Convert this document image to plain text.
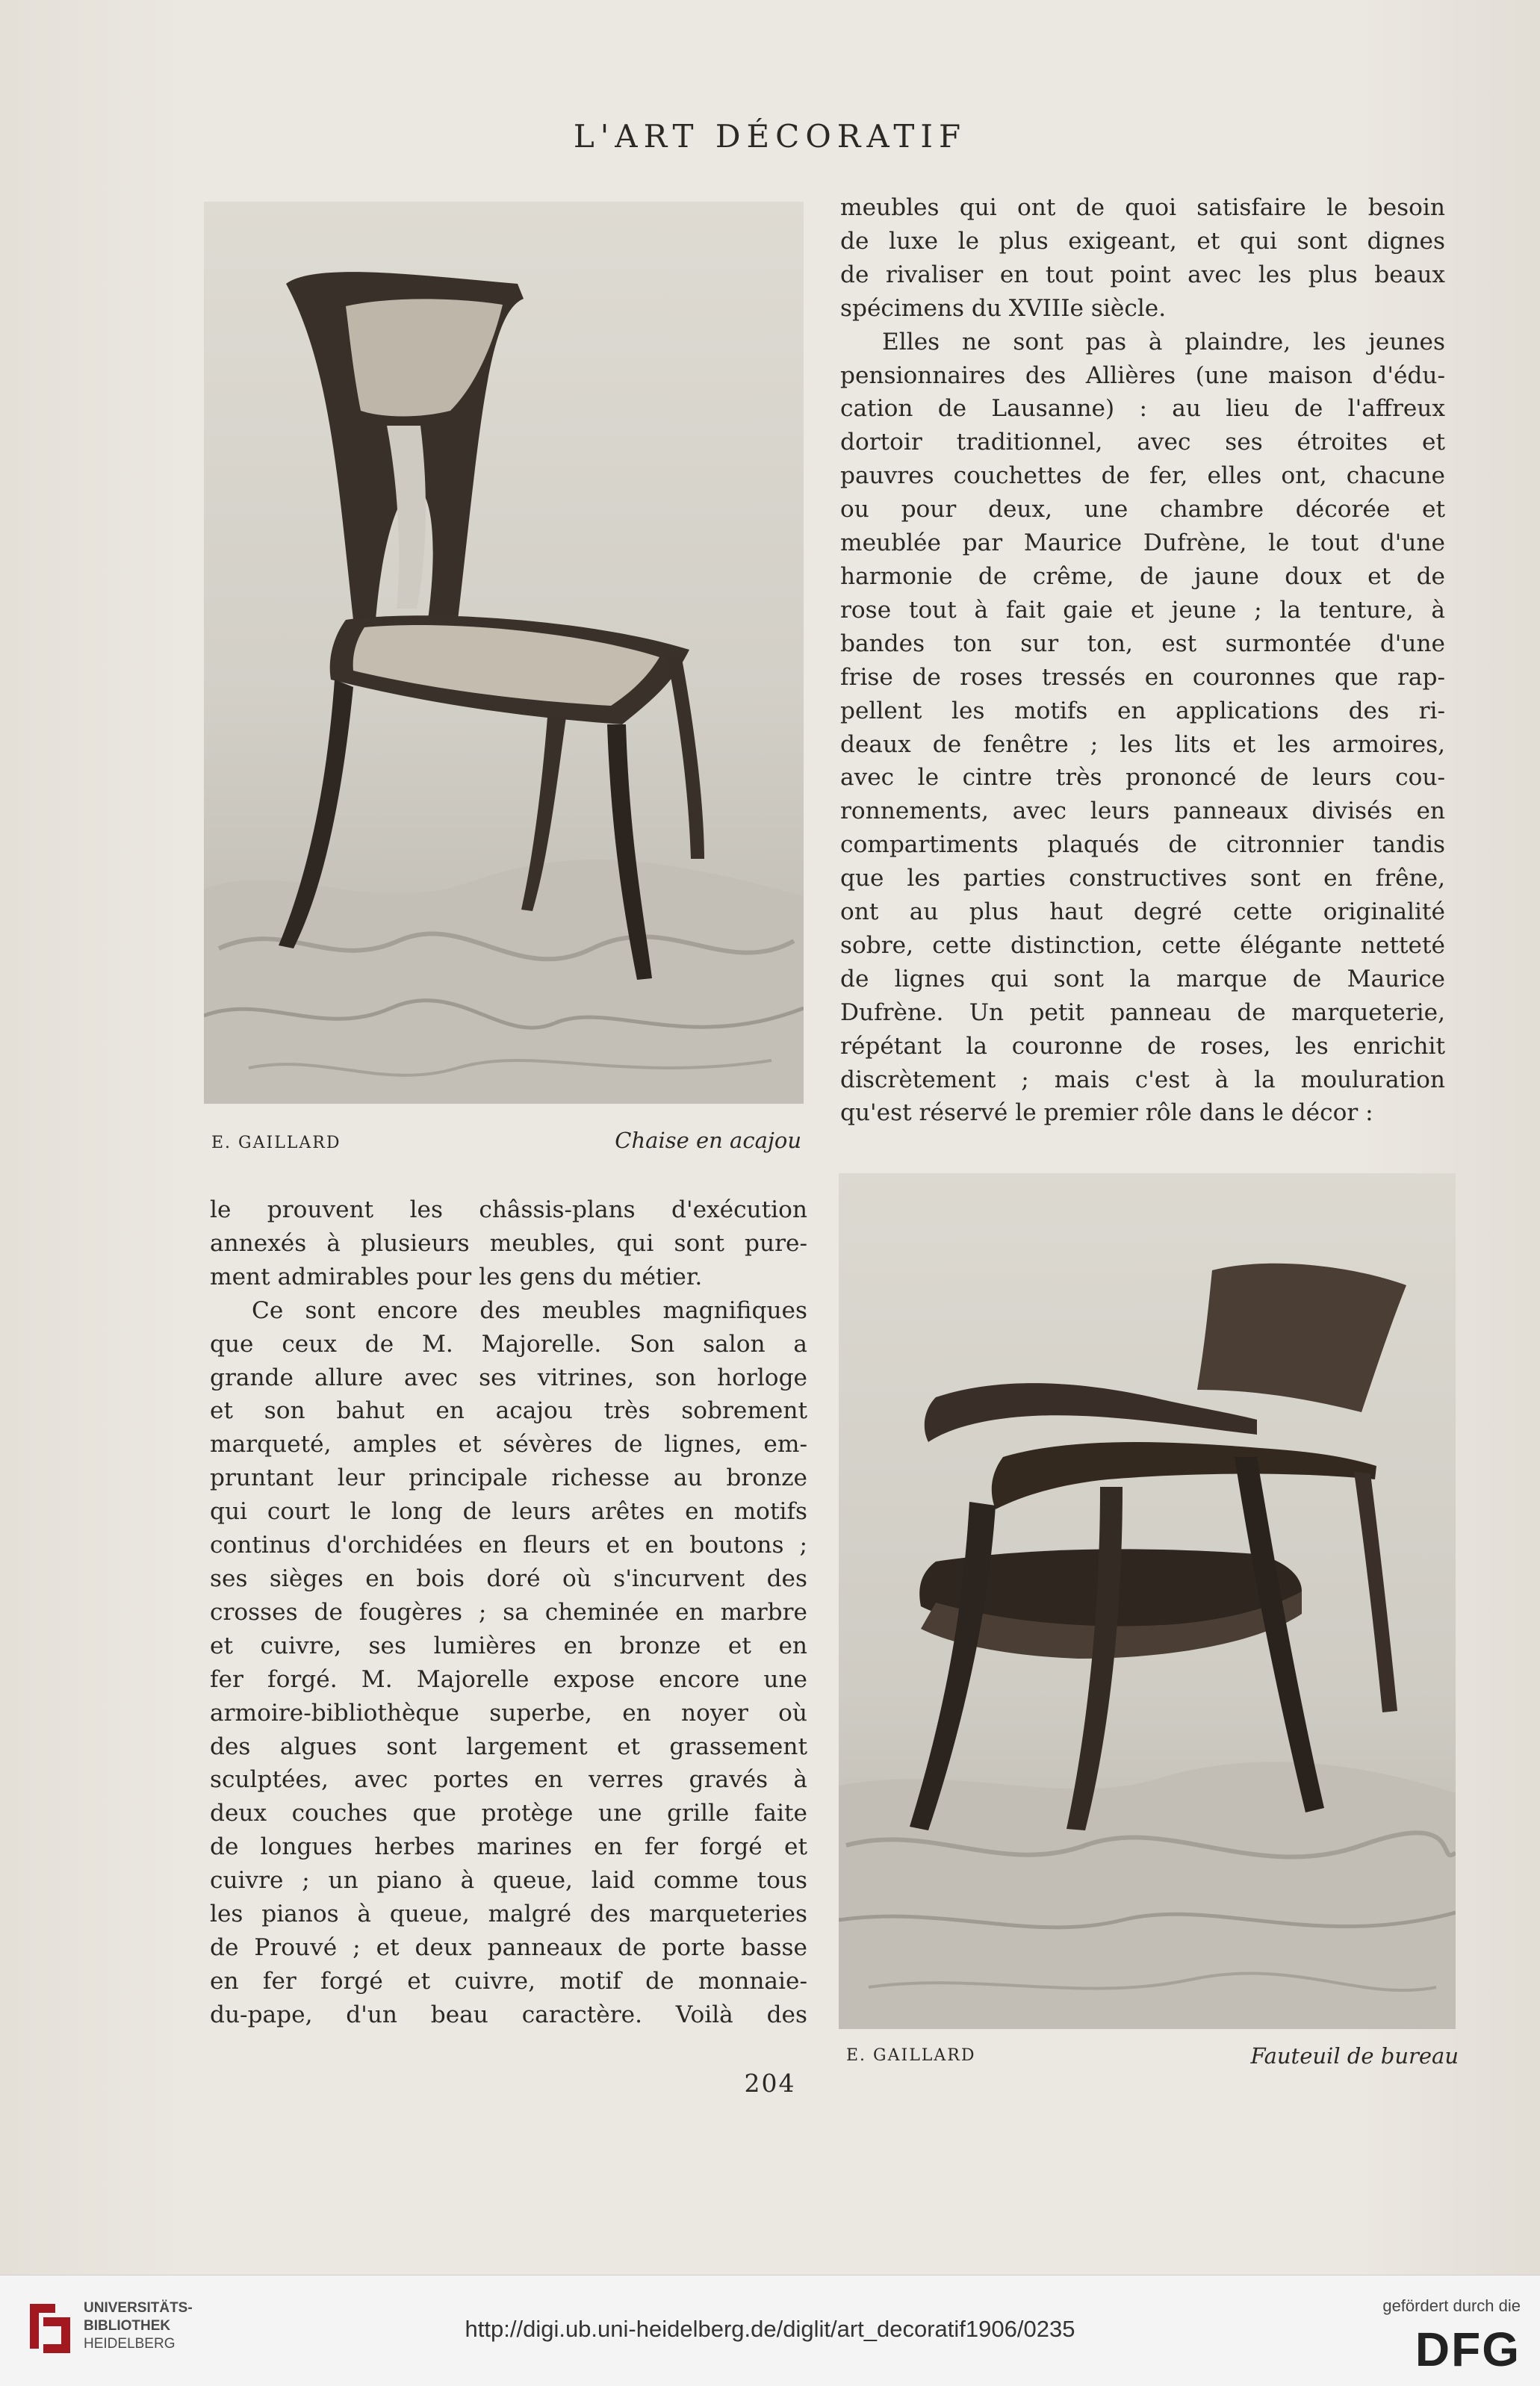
L'ART DÉCORATIF
E. GAILLARD	Chaise en acajou
meubles qui ont de quoi satisfaire le besoin
de luxe le plus exigeant, et qui sont dignes
de rivaliser en tout point avec les plus beaux
spécimens du XVIIIe siècle.
Elles ne sont pas à plaindre, les jeunes
pensionnaires des Allières (une maison d'édu-
cation de Lausanne) : au lieu de l'affreux
dortoir traditionnel, avec ses étroites et
pauvres couchettes de fer, elles ont, chacune
ou pour deux, une chambre décorée et
meublée par Maurice Dufrène, le tout d'une
harmonie de crême, de jaune doux et de
rose tout à fait gaie et jeune ; la tenture, à
bandes ton sur ton, est surmontée d'une
frise de roses tressés en couronnes que rap-
pellent les motifs en applications des ri-
deaux de fenêtre ; les lits et les armoires,
avec le cintre très prononcé de leurs cou-
ronnements, avec leurs panneaux divisés en
compartiments plaqués de citronnier tandis
que les parties constructives sont en frêne,
ont au plus haut degré cette originalité
sobre, cette distinction, cette élégante netteté
de lignes qui sont la marque de Maurice
Dufrène. Un petit panneau de marqueterie,
répétant la couronne de roses, les enrichit
discrètement ; mais c'est à la mouluration
qu'est réservé le premier rôle dans le décor :
le prouvent les châssis-plans d'exécution
annexés à plusieurs meubles, qui sont pure-
ment admirables pour les gens du métier.
Ce sont encore des meubles magnifiques
que ceux de M. Majorelle. Son salon a
grande allure avec ses vitrines, son horloge
et son bahut en acajou très sobrement
marqueté, amples et sévères de lignes, em-
pruntant leur principale richesse au bronze
qui court le long de leurs arêtes en motifs
continus d'orchidées en fleurs et en boutons ;
ses sièges en bois doré où s'incurvent des
crosses de fougères ; sa cheminée en marbre
et cuivre, ses lumières en bronze et en
fer forgé. M. Majorelle expose encore une
armoire-bibliothèque superbe, en noyer où
des algues sont largement et grassement
sculptées, avec portes en verres gravés à
deux couches que protège une grille faite
de longues herbes marines en fer forgé et
cuivre ; un piano à queue, laid comme tous
les pianos à queue, malgré des marqueteries
de Prouvé ; et deux panneaux de porte basse
en fer forgé et cuivre, motif de monnaie-
du-pape, d'un beau caractère. Voilà des
E. GAILLARD	Fauteuil de bureau
204
UNIVERSITÄTS-
BIBLIOTHEK
HEIDELBERG
http://digi.ub.uni-heidelberg.de/diglit/art_decoratif1906/0235
gefördert durch die
DFG
